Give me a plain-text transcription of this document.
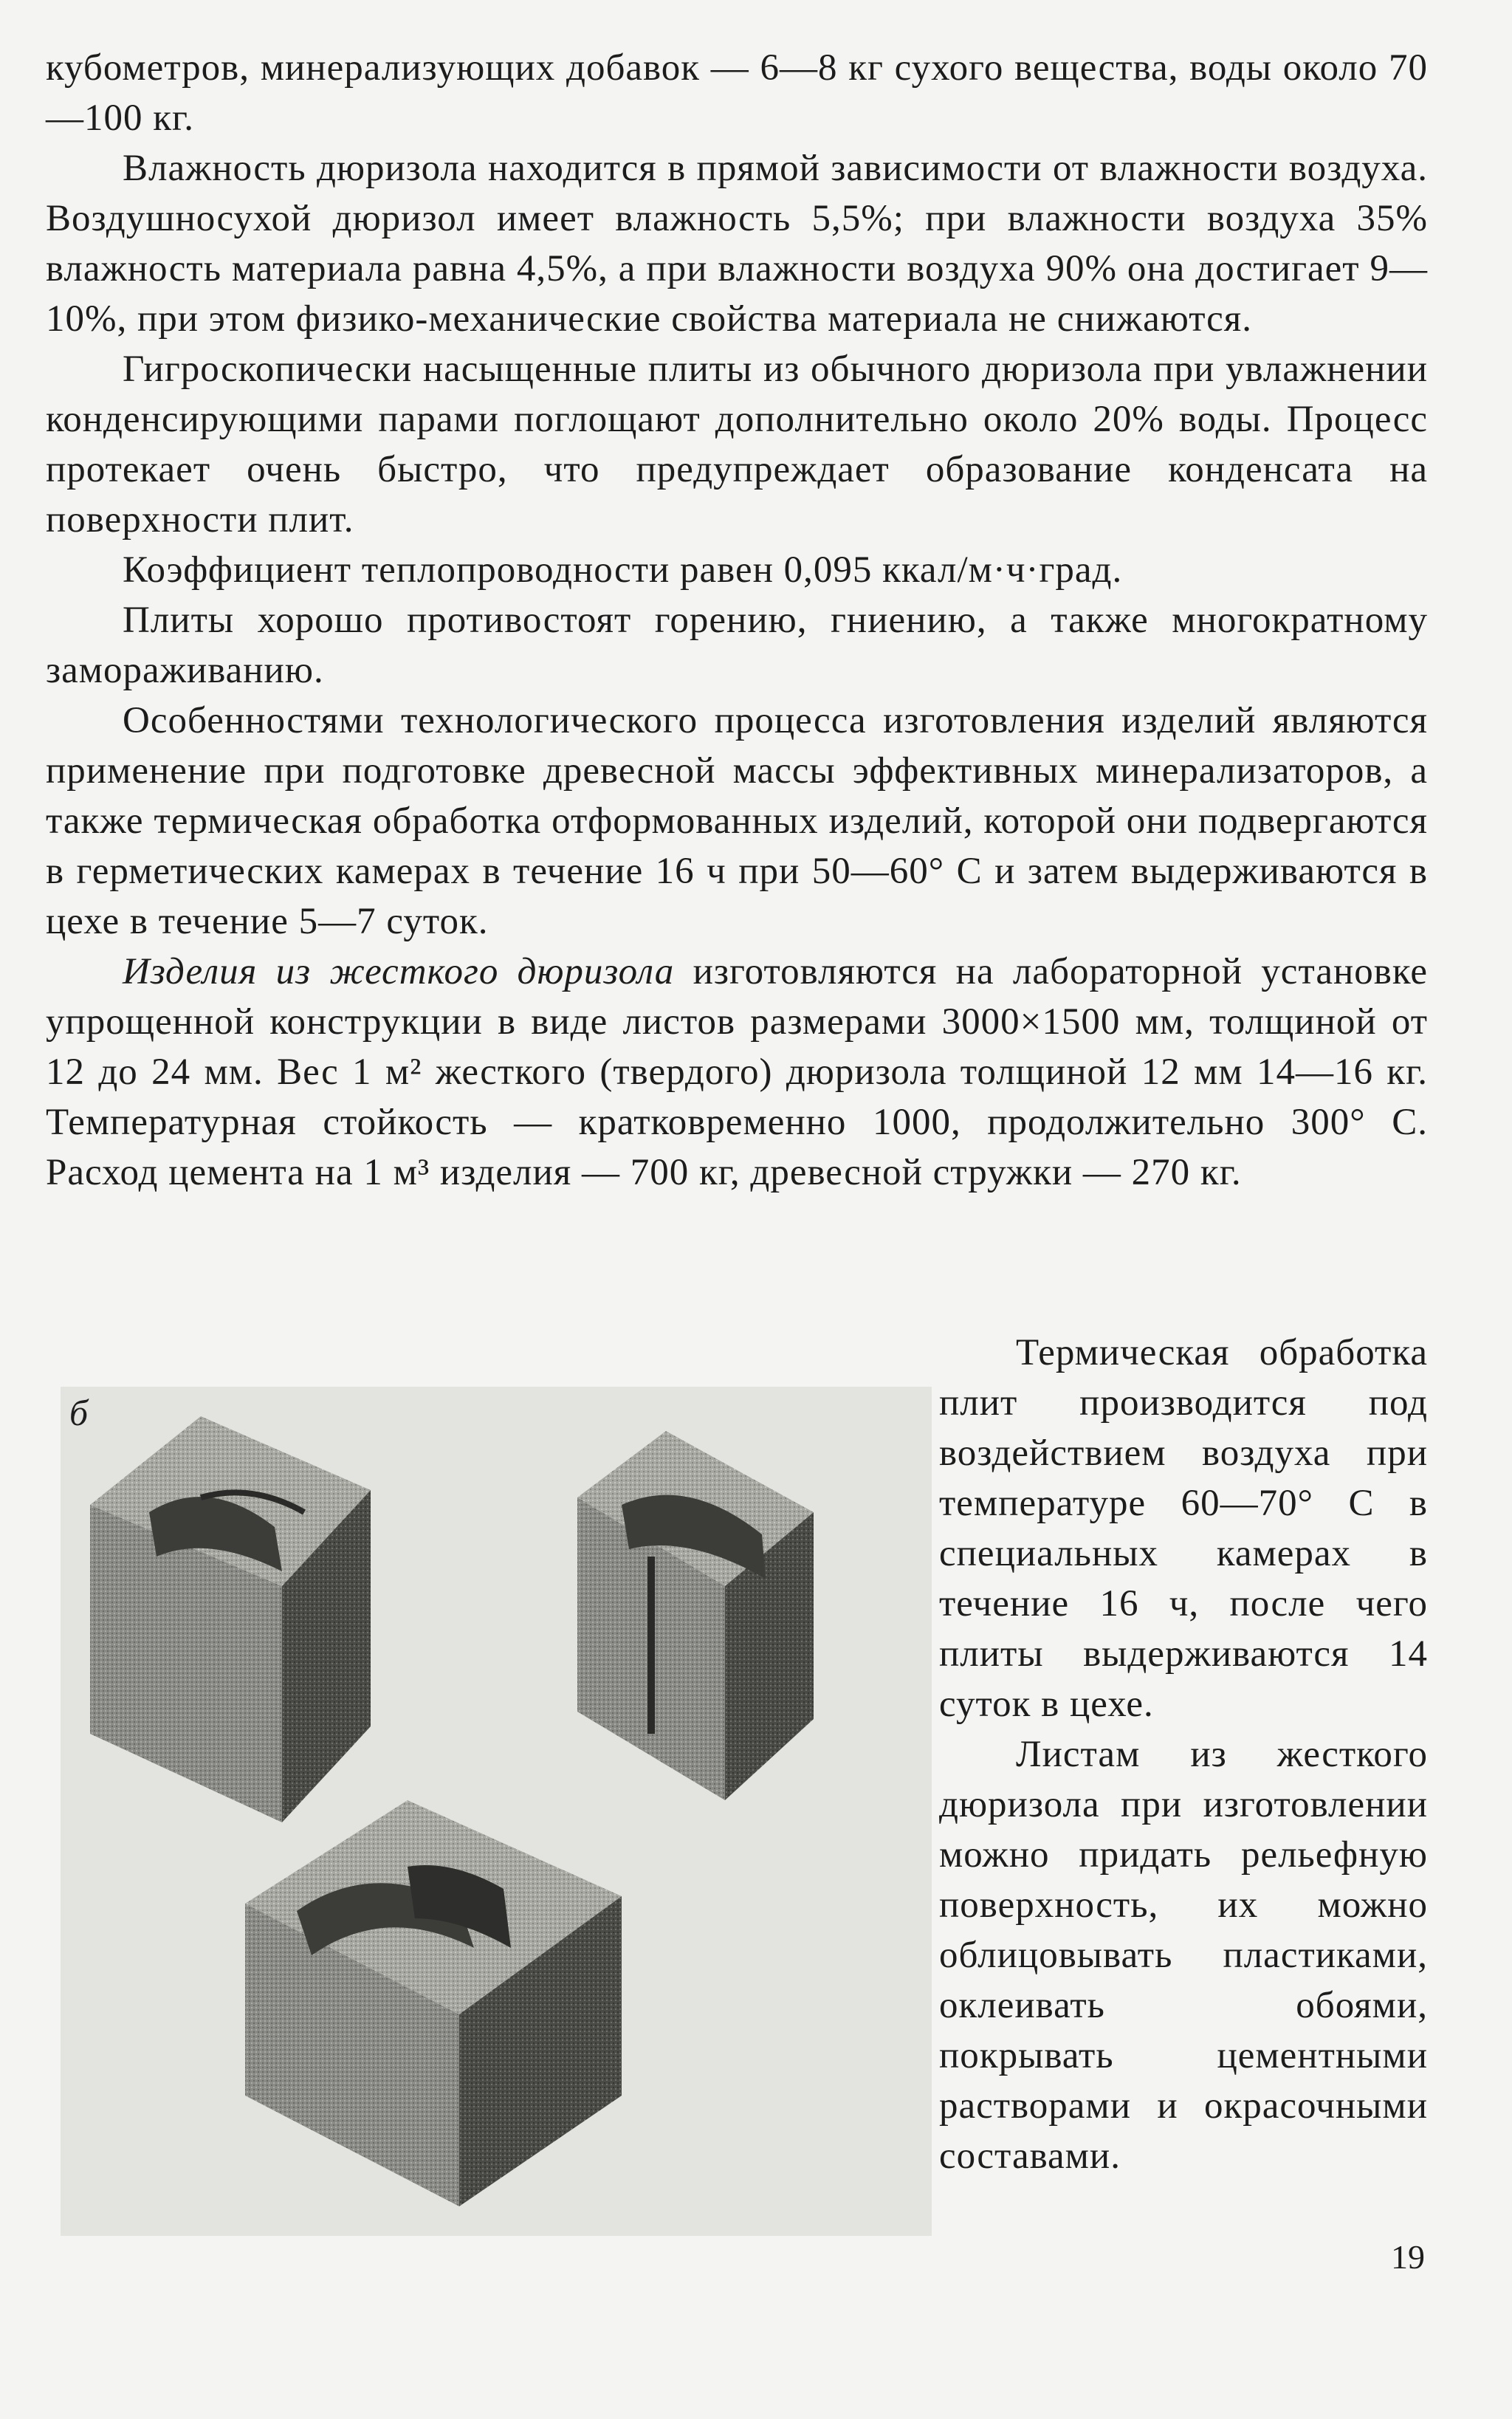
кубометров, минерализующих добавок — 6—8 кг сухого вещества, воды около 70—100 кг.

Влажность дюризола находится в прямой зависимости от влажности воздуха. Воздушносухой дюризол имеет влажность 5,5%; при влажности воздуха 35% влажность материала равна 4,5%, а при влажности воздуха 90% она достигает 9—10%, при этом физико-механические свойства материала не снижаются.

Гигроскопически насыщенные плиты из обычного дюризола при увлажнении конденсирующими парами поглощают дополнительно около 20% воды. Процесс протекает очень быстро, что предупреждает образование конденсата на поверхности плит.

Коэффициент теплопроводности равен 0,095 ккал/м·ч·град.

Плиты хорошо противостоят горению, гниению, а также многократному замораживанию.

Особенностями технологического процесса изготовления изделий являются применение при подготовке древесной массы эффективных минерализаторов, а также термическая обработка отформованных изделий, которой они подвергаются в герметических камерах в течение 16 ч при 50—60° С и затем выдерживаются в цехе в течение 5—7 суток.

Изделия из жесткого дюризола изготовляются на лабораторной установке упрощенной конструкции в виде листов размерами 3000×1500 мм, толщиной от 12 до 24 мм. Вес 1 м² жесткого (твердого) дюризола толщиной 12 мм 14—16 кг. Температурная стойкость — кратковременно 1000, продолжительно 300° С. Расход цемента на 1 м³ изделия — 700 кг, древесной стружки — 270 кг.

б

Термическая обработка плит производится под воздействием воздуха при температуре 60—70° С в специальных камерах в течение 16 ч, после чего плиты выдерживаются 14 суток в цехе.

Листам из жесткого дюризола при изготовлении можно придать рельефную поверхность, их можно облицовывать пластиками, оклеивать обоями, покрывать цементными растворами и окрасочными составами.

19
